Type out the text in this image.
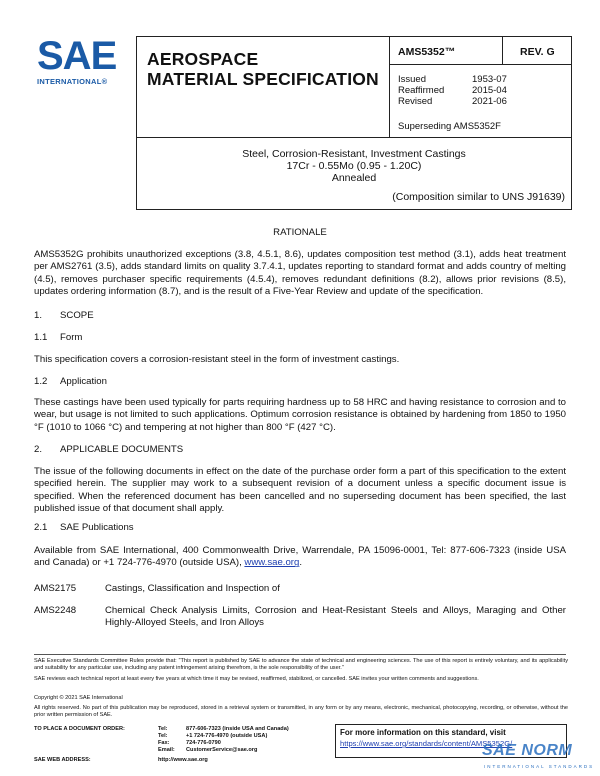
SAE
INTERNATIONAL®
AEROSPACE
MATERIAL SPECIFICATION
AMS5352™	REV. G
Issued	1953-07
Reaffirmed	2015-04
Revised	2021-06
Superseding AMS5352F
Steel, Corrosion-Resistant, Investment Castings
17Cr - 0.55Mo (0.95 - 1.20C)
Annealed
(Composition similar to UNS J91639)
RATIONALE
AMS5352G prohibits unauthorized exceptions (3.8, 4.5.1, 8.6), updates composition test method (3.1), adds heat treatment per AMS2761 (3.5), adds standard limits on quality 3.7.4.1, updates reporting to standard format and adds country of melting (4.5), removes purchaser specific requirements (4.5.4), removes redundant definitions (8.2), allows prior revisions (8.5), updates ordering information (8.7), and is the result of a Five-Year Review and update of the specification.
1. SCOPE
1.1 Form
This specification covers a corrosion-resistant steel in the form of investment castings.
1.2 Application
These castings have been used typically for parts requiring hardness up to 58 HRC and having resistance to corrosion and to wear, but usage is not limited to such applications. Optimum corrosion resistance is obtained by hardening from 1850 to 1950 °F (1010 to 1066 °C) and tempering at not higher than 800 °F (427 °C).
2. APPLICABLE DOCUMENTS
The issue of the following documents in effect on the date of the purchase order form a part of this specification to the extent specified herein. The supplier may work to a subsequent revision of a document unless a specific document issue is specified. When the referenced document has been cancelled and no superseding document has been specified, the last published issue of that document shall apply.
2.1 SAE Publications
Available from SAE International, 400 Commonwealth Drive, Warrendale, PA 15096-0001, Tel: 877-606-7323 (inside USA and Canada) or +1 724-776-4970 (outside USA), www.sae.org.
AMS2175	Castings, Classification and Inspection of
AMS2248	Chemical Check Analysis Limits, Corrosion and Heat-Resistant Steels and Alloys, Maraging and Other Highly-Alloyed Steels, and Iron Alloys
SAE Executive Standards Committee Rules provide that: “This report is published by SAE to advance the state of technical and engineering sciences. The use of this report is entirely voluntary, and its applicability and suitability for any particular use, including any patent infringement arising therefrom, is the sole responsibility of the user.”
SAE reviews each technical report at least every five years at which time it may be revised, reaffirmed, stabilized, or cancelled. SAE invites your written comments and suggestions.
Copyright © 2021 SAE International
All rights reserved. No part of this publication may be reproduced, stored in a retrieval system or transmitted, in any form or by any means, electronic, mechanical, photocopying, recording, or otherwise, without the prior written permission of SAE.
TO PLACE A DOCUMENT ORDER:	Tel:	877-606-7323 (inside USA and Canada)
Tel:	+1 724-776-4970 (outside USA)
Fax:	724-776-0790
Email:	CustomerService@sae.org
SAE WEB ADDRESS:	http://www.sae.org
For more information on this standard, visit
https://www.sae.org/standards/content/AMS5352G/
SAE NORM
INTERNATIONAL STANDARDS
